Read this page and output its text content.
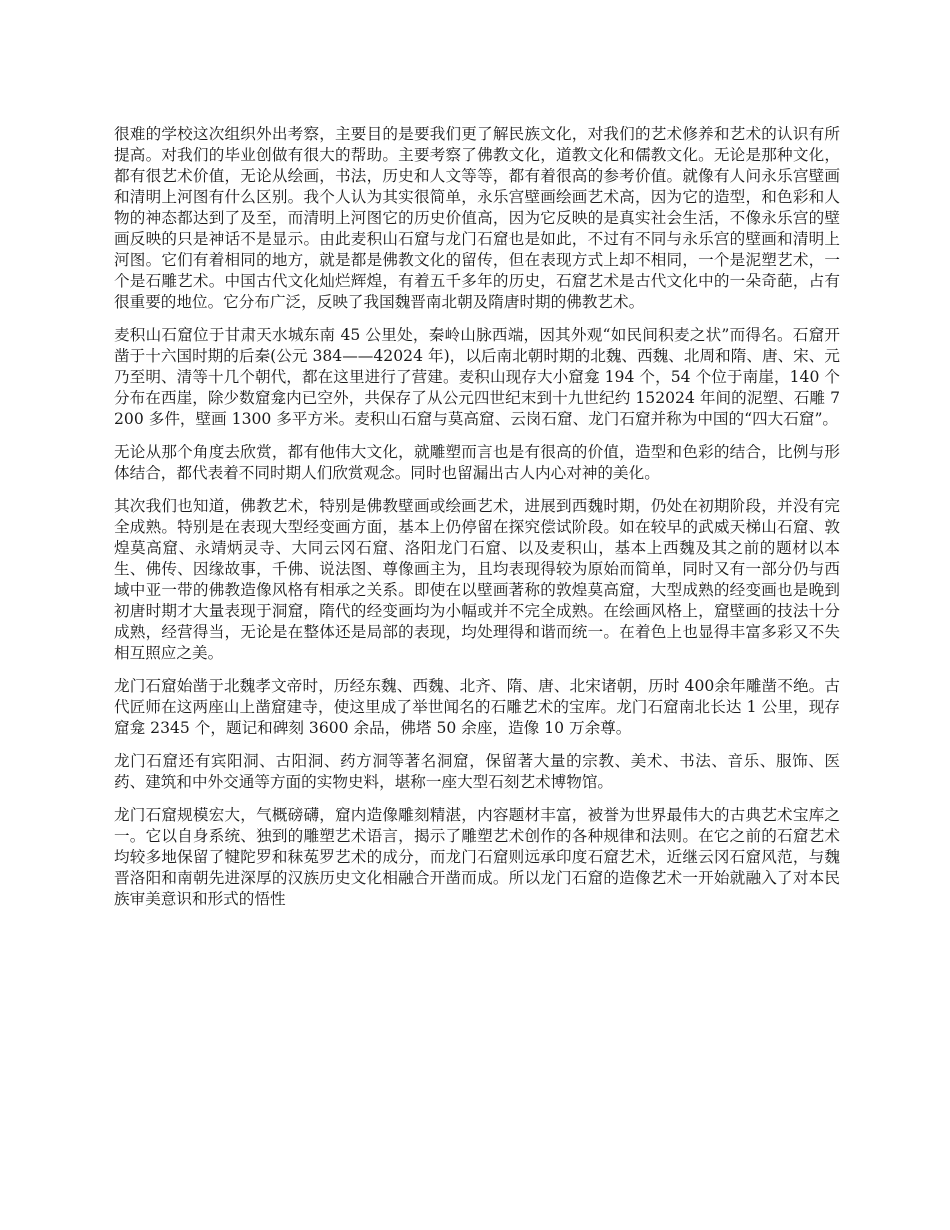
很难的学校这次组织外出考察，主要目的是要我们更了解民族文化，对我们的艺术修养和艺术的认识有所提高。对我们的毕业创做有很大的帮助。主要考察了佛教文化，道教文化和儒教文化。无论是那种文化，都有很艺术价值，无论从绘画，书法，历史和人文等等，都有着很高的参考价值。就像有人问永乐宫壁画和清明上河图有什么区别。我个人认为其实很简单，永乐宫壁画绘画艺术高，因为它的造型，和色彩和人物的神态都达到了及至，而清明上河图它的历史价值高，因为它反映的是真实社会生活，不像永乐宫的壁画反映的只是神话不是显示。由此麦积山石窟与龙门石窟也是如此，不过有不同与永乐宫的壁画和清明上河图。它们有着相同的地方，就是都是佛教文化的留传，但在表现方式上却不相同，一个是泥塑艺术，一个是石雕艺术。中国古代文化灿烂辉煌，有着五千多年的历史，石窟艺术是古代文化中的一朵奇葩，占有很重要的地位。它分布广泛，反映了我国魏晋南北朝及隋唐时期的佛教艺术。

麦积山石窟位于甘肃天水城东南 45 公里处，秦岭山脉西端，因其外观“如民间积麦之状”而得名。石窟开凿于十六国时期的后秦(公元 384——42024 年)，以后南北朝时期的北魏、西魏、北周和隋、唐、宋、元乃至明、清等十几个朝代，都在这里进行了营建。麦积山现存大小窟龛 194 个，54 个位于南崖，140 个分布在西崖，除少数窟龛内已空外，共保存了从公元四世纪末到十九世纪约 152024 年间的泥塑、石雕 7200 多件，壁画 1300 多平方米。麦积山石窟与莫高窟、云岗石窟、龙门石窟并称为中国的“四大石窟”。

无论从那个角度去欣赏，都有他伟大文化，就雕塑而言也是有很高的价值，造型和色彩的结合，比例与形体结合，都代表着不同时期人们欣赏观念。同时也留漏出古人内心对神的美化。

其次我们也知道，佛教艺术，特别是佛教壁画或绘画艺术，进展到西魏时期，仍处在初期阶段，并没有完全成熟。特别是在表现大型经变画方面，基本上仍停留在探究偿试阶段。如在较早的武威天梯山石窟、敦煌莫高窟、永靖炳灵寺、大同云冈石窟、洛阳龙门石窟、以及麦积山，基本上西魏及其之前的题材以本生、佛传、因缘故事，千佛、说法图、尊像画主为，且均表现得较为原始而简单，同时又有一部分仍与西域中亚一带的佛教造像风格有相承之关系。即使在以壁画著称的敦煌莫高窟，大型成熟的经变画也是晚到初唐时期才大量表现于洞窟，隋代的经变画均为小幅或并不完全成熟。在绘画风格上，窟壁画的技法十分成熟，经营得当，无论是在整体还是局部的表现，均处理得和谐而统一。在着色上也显得丰富多彩又不失相互照应之美。

龙门石窟始凿于北魏孝文帝时，历经东魏、西魏、北齐、隋、唐、北宋诸朝，历时 400余年雕凿不绝。古代匠师在这两座山上凿窟建寺，使这里成了举世闻名的石雕艺术的宝库。龙门石窟南北长达 1 公里，现存窟龛 2345 个，题记和碑刻 3600 余品，佛塔 50 余座，造像 10 万余尊。

龙门石窟还有宾阳洞、古阳洞、药方洞等著名洞窟，保留著大量的宗教、美术、书法、音乐、服饰、医药、建筑和中外交通等方面的实物史料，堪称一座大型石刻艺术博物馆。

龙门石窟规模宏大，气概磅礴，窟内造像雕刻精湛，内容题材丰富，被誉为世界最伟大的古典艺术宝库之一。它以自身系统、独到的雕塑艺术语言，揭示了雕塑艺术创作的各种规律和法则。在它之前的石窟艺术均较多地保留了犍陀罗和秣菟罗艺术的成分，而龙门石窟则远承印度石窟艺术，近继云冈石窟风范，与魏晋洛阳和南朝先进深厚的汉族历史文化相融合开凿而成。所以龙门石窟的造像艺术一开始就融入了对本民族审美意识和形式的悟性
